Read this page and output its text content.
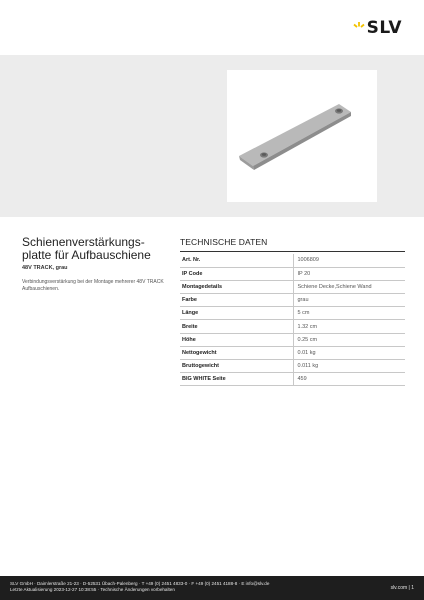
SLV
Schienenverstärkungs-platte für Aufbauschiene
48V TRACK, grau

Verbindungsverstärkung bei der Montage mehrerer 48V TRACK Aufbauschienen.

TECHNISCHE DATEN
Art. Nr.	1006809
IP Code	IP 20
Montagedetails	Schiene Decke,Schiene Wand
Farbe	grau
Länge	5 cm
Breite	1.32 cm
Höhe	0.25 cm
Nettogewicht	0.01 kg
Bruttogewicht	0.011 kg
BIG WHITE Seite	459
SLV GmbH · Daimlerstraße 21-23 · D-52531 Übach-Palenberg · T +49 (0) 2451 4833-0 · F +49 (0) 2451 4188-8 · E info@slv.de
Letzte Aktualisierung 2023-12-27 10:38:55 · Technische Änderungen vorbehalten	slv.com | 1
